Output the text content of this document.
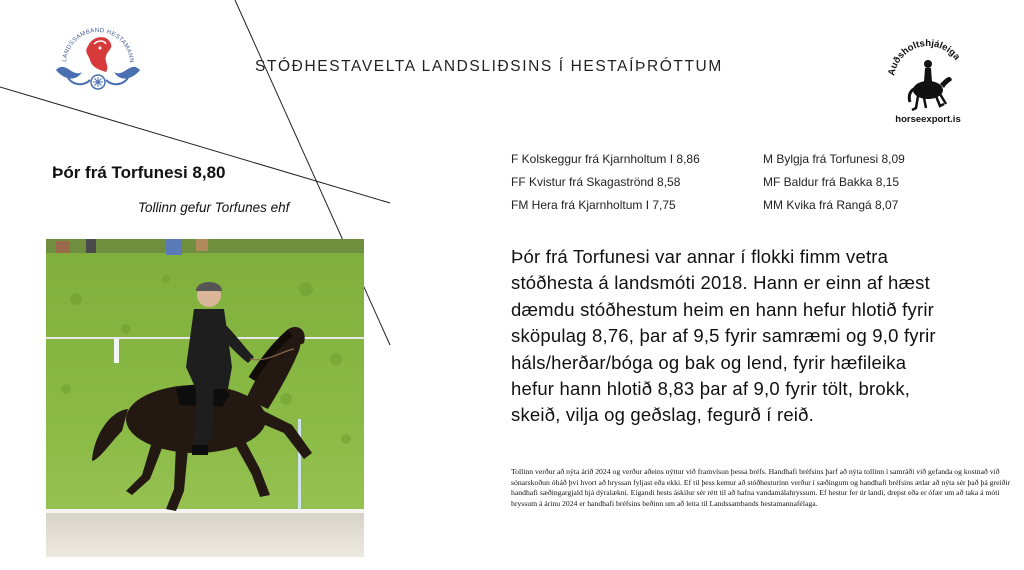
LANDSSAMBAND HESTAMANN	STÓÐHESTAVELTA LANDSLIÐSINS Í HESTAÍÞRÓTTUM	Auðsholtshjáleiga
horseexport.is
Þór frá Torfunesi 8,80
Tollinn gefur Torfunes ehf
F Kolskeggur frá Kjarnholtum I 8,86
FF Kvistur frá Skagaströnd 8,58
FM Hera frá Kjarnholtum I 7,75
M Bylgja frá Torfunesi 8,09
MF Baldur frá Bakka 8,15
MM Kvika frá Rangá 8,07
Þór frá Torfunesi var annar í flokki fimm vetra stóðhesta á landsmóti 2018. Hann er einn af hæst dæmdu stóðhestum heim en hann hefur hlotið fyrir sköpulag 8,76, þar af 9,5 fyrir samræmi og 9,0 fyrir háls/herðar/bóga og bak og lend, fyrir hæfileika hefur hann hlotið 8,83 þar af 9,0 fyrir tölt, brokk, skeið, vilja og geðslag, fegurð í reið.
Tollinn verður að nýta árið 2024 og verður aðeins nýttur við framvísun þessa bréfs. Handhafi bréfsins þarf að nýta tollinn í samráði við gefanda og kostnað við sónarskoðun óháð því hvort að hryssan fyljast eða ekki. Ef til þess kemur að stóðhesturinn verður í sæðingum og handhafi bréfsins ætlar að nýta sér það þá greiðir handhafi sæðingargjald hjá dýralækni. Eigandi hests áskilur sér rétt til að hafna vandamálahryssum. Ef hestur fer úr landi, drepst eða er ófær um að taka á móti hryssum á árinu 2024 er handhafi bréfsins beðinn um að leita til Landssambands hestamannafélaga.
